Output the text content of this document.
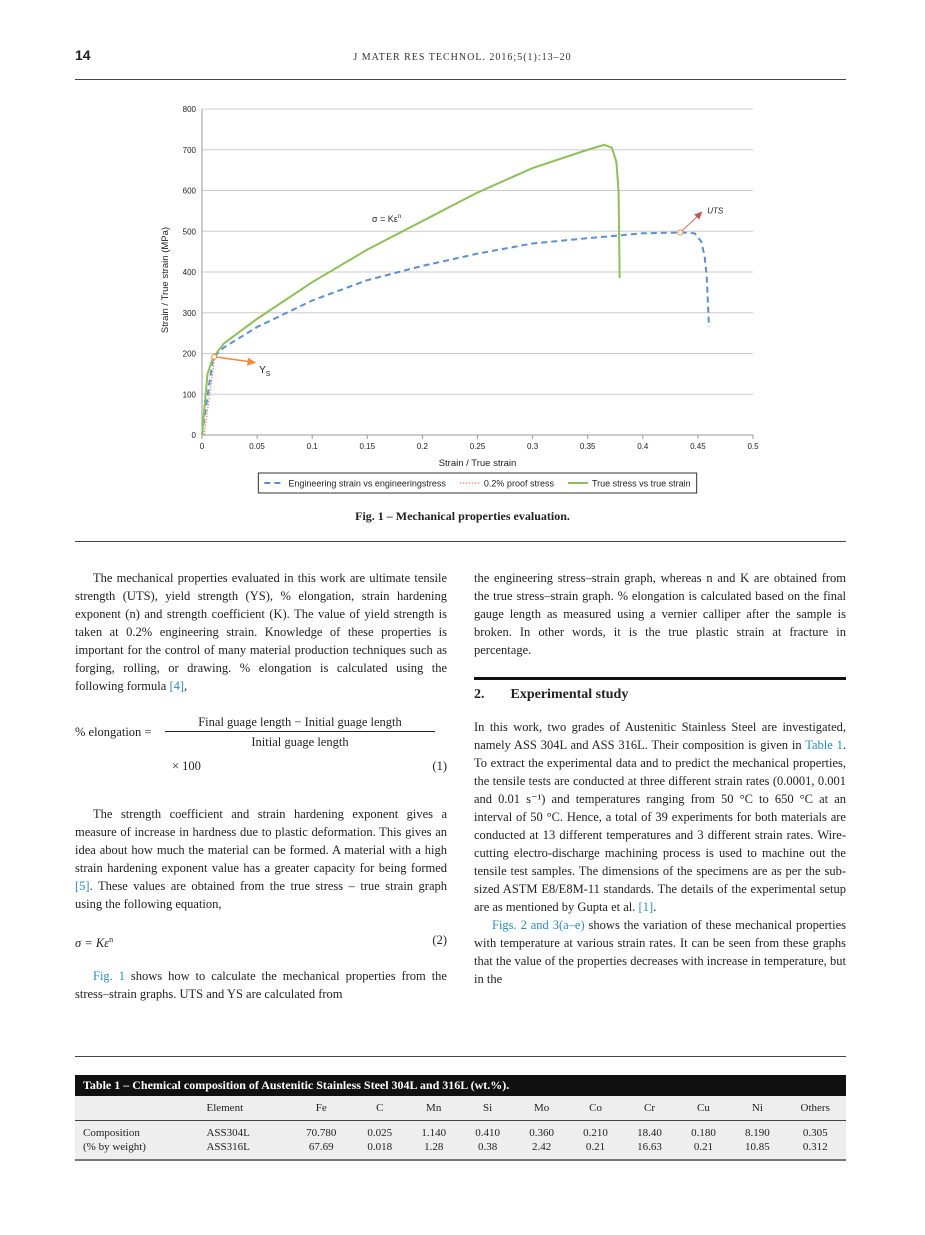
14	J MATER RES TECHNOL. 2016;5(1):13–20
0
100
200
300
400
500
600
700
800
0	0.05	0.1	0.15	0.2	0.25	0.3	0.35	0.4	0.45	0.5
Strain / True strain
Strain / True strain (MPa)
$Y_S$
UTS
$\sigma = K\varepsilon^n$
Engineering strain vs engineeringstress	0.2% proof stress	True stress vs true strain
Fig. 1 – Mechanical properties evaluation.

The mechanical properties evaluated in this work are ultimate tensile strength (UTS), yield strength (YS), % elongation, strain hardening exponent (n) and strength coefficient (K). The value of yield strength is taken at 0.2% engineering strain. Knowledge of these properties is important for the control of many material production techniques such as forging, rolling, or drawing. % elongation is calculated using the following formula [4],

% elongation =
Final guage length − Initial guage length
Initial guage length
× 100	(1)

The strength coefficient and strain hardening exponent gives a measure of increase in hardness due to plastic deformation. This gives an idea about how much the material can be formed. A material with a high strain hardening exponent value has a greater capacity for being formed [5]. These values are obtained from the true stress – true strain graph using the following equation,

$\sigma = K\varepsilon^n$	(2)

Fig. 1 shows how to calculate the mechanical properties from the stress–strain graphs. UTS and YS are calculated from

the engineering stress–strain graph, whereas n and K are obtained from the true stress–strain graph. % elongation is calculated based on the final gauge length as measured using a vernier calliper after the sample is broken. In other words, it is the true plastic strain at fracture in percentage.

2. Experimental study

In this work, two grades of Austenitic Stainless Steel are investigated, namely ASS 304L and ASS 316L. Their composition is given in Table 1. To extract the experimental data and to predict the mechanical properties, the tensile tests are conducted at three different strain rates (0.0001, 0.001 and 0.01 s⁻¹) and temperatures ranging from 50 °C to 650 °C at an interval of 50 °C. Hence, a total of 39 experiments for both materials are conducted at 13 different temperatures and 3 different strain rates. Wire-cutting electro-discharge machining process is used to machine out the tensile test samples. The dimensions of the specimens are as per the sub-sized ASTM E8/E8M-11 standards. The details of the experimental setup are as mentioned by Gupta et al. [1].

Figs. 2 and 3(a–e) shows the variation of these mechanical properties with temperature at various strain rates. It can be seen from these graphs that the value of the properties decreases with increase in temperature, but in the

Table 1 – Chemical composition of Austenitic Stainless Steel 304L and 316L (wt.%).
	Element	Fe	C	Mn	Si	Mo	Co	Cr	Cu	Ni	Others
Composition	ASS304L	70.780	0.025	1.140	0.410	0.360	0.210	18.40	0.180	8.190	0.305
(% by weight)	ASS316L	67.69	0.018	1.28	0.38	2.42	0.21	16.63	0.21	10.85	0.312
